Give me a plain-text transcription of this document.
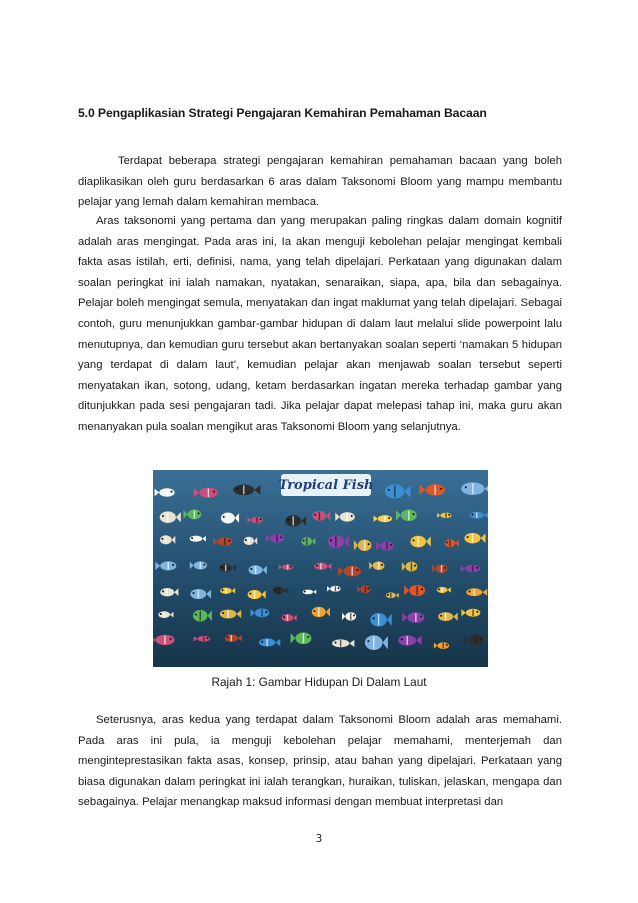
5.0 Pengaplikasian Strategi Pengajaran Kemahiran Pemahaman Bacaan

Terdapat beberapa strategi pengajaran kemahiran pemahaman bacaan yang boleh diaplikasikan oleh guru berdasarkan 6 aras dalam Taksonomi Bloom yang mampu membantu pelajar yang lemah dalam kemahiran membaca.

Aras taksonomi yang pertama dan yang merupakan paling ringkas dalam domain kognitif adalah aras mengingat. Pada aras ini, Ia akan menguji kebolehan pelajar mengingat kembali fakta asas istilah, erti, definisi, nama, yang telah dipelajari. Perkataan yang digunakan dalam soalan peringkat ini ialah namakan, nyatakan, senaraikan, siapa, apa, bila dan sebagainya. Pelajar boleh mengingat semula, menyatakan dan ingat maklumat yang telah dipelajari. Sebagai contoh, guru menunjukkan gambar-gambar hidupan di dalam laut melalui slide powerpoint lalu menutupnya, dan kemudian guru tersebut akan bertanyakan soalan seperti ‘namakan 5 hidupan yang terdapat di dalam laut’, kemudian pelajar akan menjawab soalan tersebut seperti menyatakan ikan, sotong, udang, ketam berdasarkan ingatan mereka terhadap gambar yang ditunjukkan pada sesi pengajaran tadi. Jika pelajar dapat melepasi tahap ini, maka guru akan menanyakan pula soalan mengikut aras Taksonomi Bloom yang selanjutnya.

Tropical Fish
Rajah 1: Gambar Hidupan Di Dalam Laut

Seterusnya, aras kedua yang terdapat dalam Taksonomi Bloom adalah aras memahami. Pada aras ini pula, ia menguji kebolehan pelajar memahami, menterjemah dan menginteprestasikan fakta asas, konsep, prinsip, atau bahan yang dipelajari. Perkataan yang biasa digunakan dalam peringkat ini ialah terangkan, huraikan, tuliskan, jelaskan, mengapa dan sebagainya. Pelajar menangkap maksud informasi dengan membuat interpretasi dan

3
